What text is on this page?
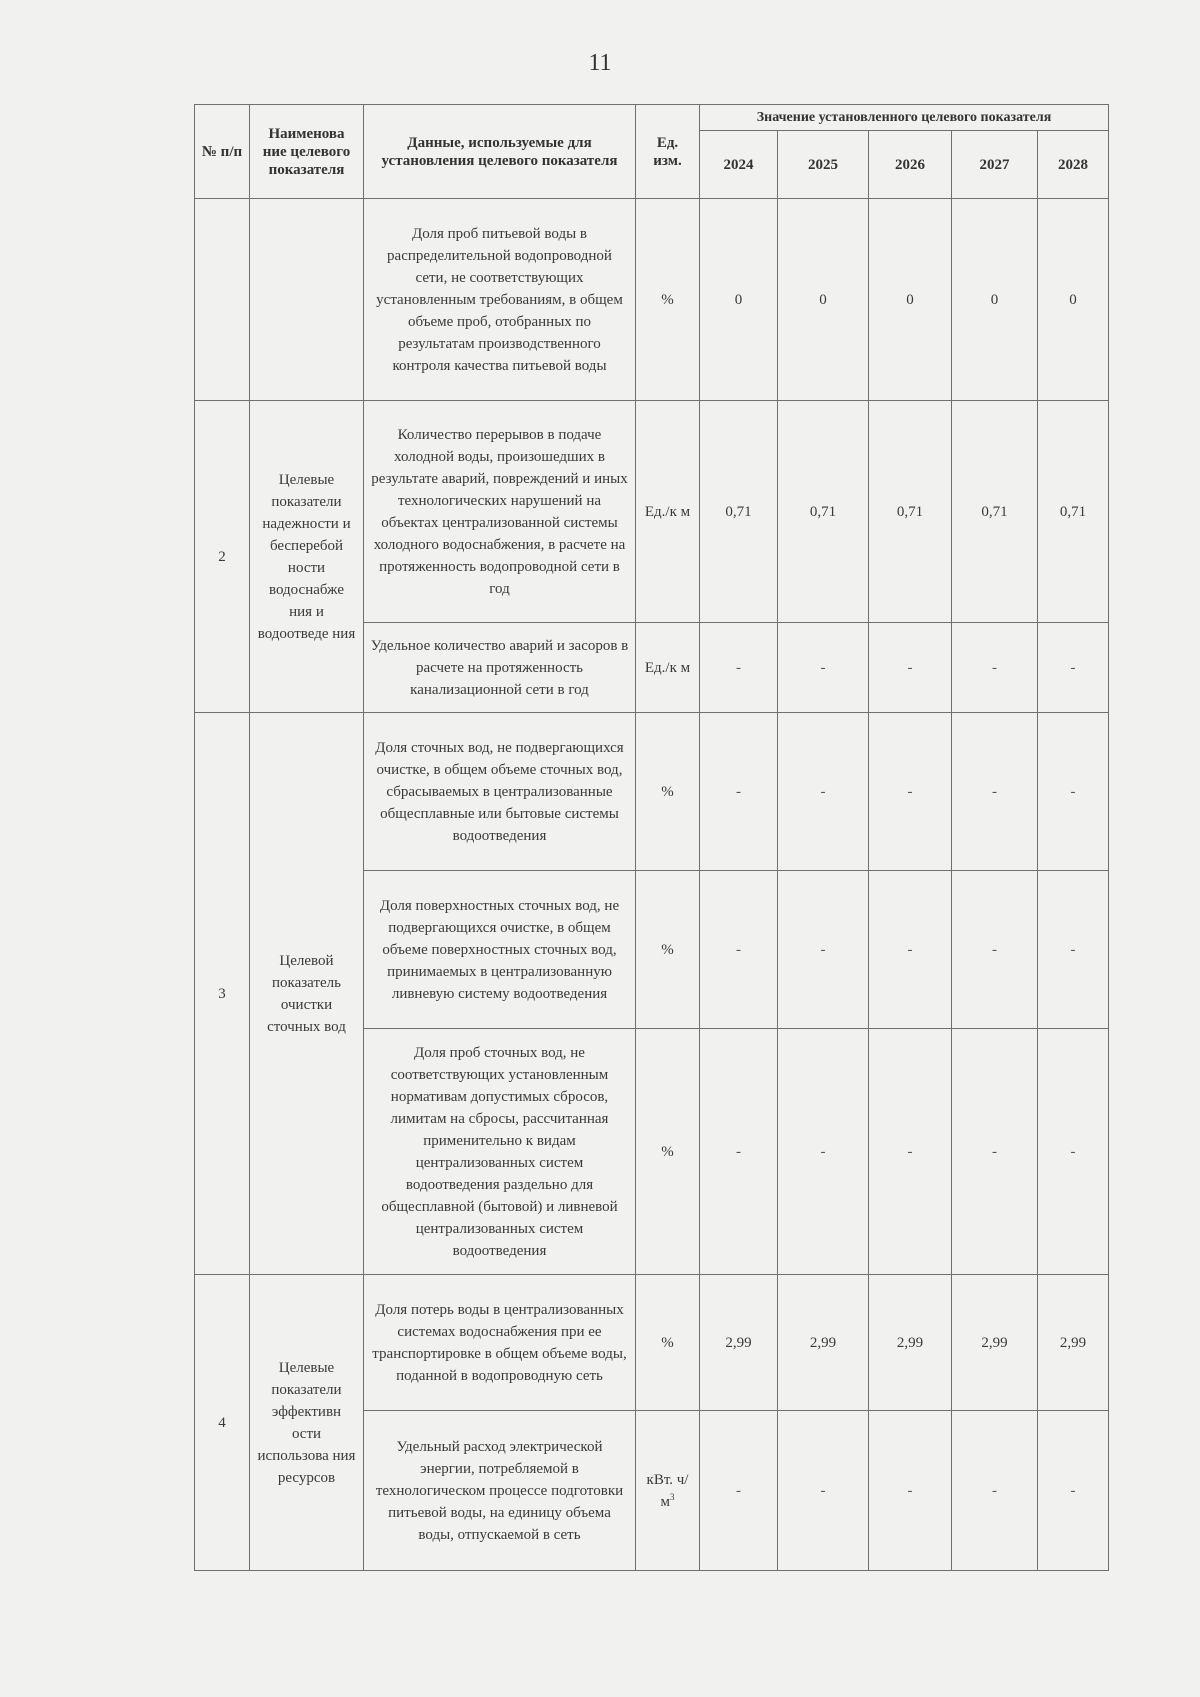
11
№ п/п	Наименова ние целевого показателя	Данные, используемые для установления целевого показателя	Ед. изм.	Значение установленного целевого показателя				
				2024	2025	2026	2027	2028
		Доля проб питьевой воды в распределительной водопроводной сети, не соответствующих установленным требованиям, в общем объеме проб, отобранных по результатам производственного контроля качества питьевой воды	%	0	0	0	0	0
2	Целевые показатели надежности и бесперебой ности водоснабже ния и водоотведе ния	Количество перерывов в подаче холодной воды, произошедших в результате аварий, повреждений и иных технологических нарушений на объектах централизованной системы холодного водоснабжения, в расчете на протяженность водопроводной сети в год	Ед./к м	0,71	0,71	0,71	0,71	0,71
		Удельное количество аварий и засоров в расчете на протяженность канализационной сети в год	Ед./к м	-	-	-	-	-
3	Целевой показатель очистки сточных вод	Доля сточных вод, не подвергающихся очистке, в общем объеме сточных вод, сбрасываемых в централизованные общесплавные или бытовые системы водоотведения	%	-	-	-	-	-
		Доля поверхностных сточных вод, не подвергающихся очистке, в общем объеме поверхностных сточных вод, принимаемых в централизованную ливневую систему водоотведения	%	-	-	-	-	-
		Доля проб сточных вод, не соответствующих установленным нормативам допустимых сбросов, лимитам на сбросы, рассчитанная применительно к видам централизованных систем водоотведения раздельно для общесплавной (бытовой) и ливневой централизованных систем водоотведения	%	-	-	-	-	-
4	Целевые показатели эффективн ости использова ния ресурсов	Доля потерь воды в централизованных системах водоснабжения при ее транспортировке в общем объеме воды, поданной в водопроводную сеть	%	2,99	2,99	2,99	2,99	2,99
		Удельный расход электрической энергии, потребляемой в технологическом процессе подготовки питьевой воды, на единицу объема воды, отпускаемой в сеть	кВт. $ч/м^3$	-	-	-	-	-
